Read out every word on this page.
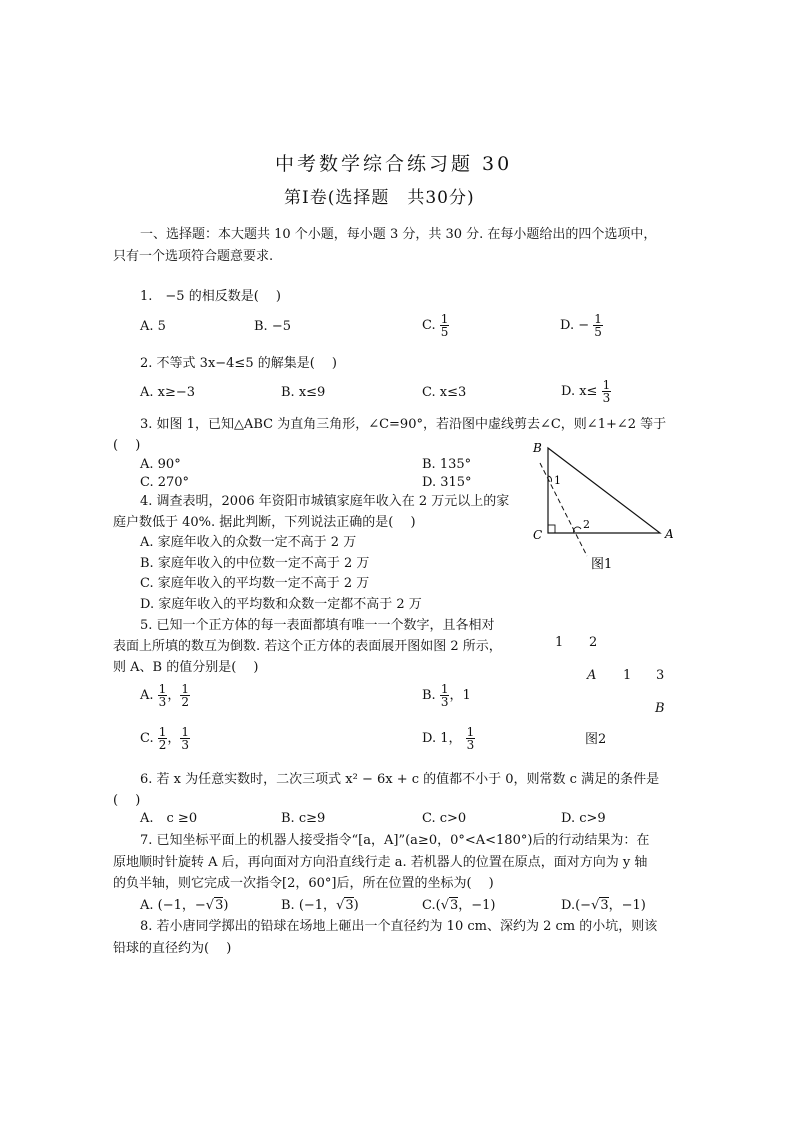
中考数学综合练习题 30
第Ⅰ卷(选择题　共30分)
一、选择题：本大题共 10 个小题，每小题 3 分，共 30 分. 在每小题给出的四个选项中，
只有一个选项符合题意要求.
1.　−5 的相反数是(　 )
A. 5	B. −5	C. $\frac{1}{5}$	D. − $\frac{1}{5}$
2. 不等式 3x−4≤5 的解集是(　 )
A. x≥−3	B. x≤9	C. x≤3	D. $x\le \frac{1}{3}$
3. 如图 1，已知△ABC 为直角三角形，∠C=90°，若沿图中虚线剪去∠C，则∠1+∠2 等于
(　 )
A. 90°	B. 135°
C. 270°	D. 315°
B
C	A
1
2
图1
4. 调查表明，2006 年资阳市城镇家庭年收入在 2 万元以上的家
庭户数低于 40%. 据此判断，下列说法正确的是(　 )
A. 家庭年收入的众数一定不高于 2 万
B. 家庭年收入的中位数一定不高于 2 万
C. 家庭年收入的平均数一定不高于 2 万
D. 家庭年收入的平均数和众数一定都不高于 2 万
5. 已知一个正方体的每一表面都填有唯一一个数字，且各相对
表面上所填的数互为倒数. 若这个正方体的表面展开图如图 2 所示，
则 A、B 的值分别是(　 )
A. $\frac{1}{3}$ ， $\frac{1}{2}$	B. $\frac{1}{3}$ ，1
C. $\frac{1}{2}$ ， $\frac{1}{3}$	D. 1， $\frac{1}{3}$
1 2
A 1 3
B
图2
6. 若 x 为任意实数时，二次三项式 x² − 6x + c 的值都不小于 0，则常数 c 满足的条件是
(　 )
A.　c ≥0	B. c≥9	C. c>0	D. c>9
7. 已知坐标平面上的机器人接受指令“[a，A]”(a≥0，0°<A<180°)后的行动结果为：在
原地顺时针旋转 A 后，再向面对方向沿直线行走 a. 若机器人的位置在原点，面对方向为 y 轴
的负半轴，则它完成一次指令[2，60°]后，所在位置的坐标为(　 )
A. (−1，−√3)	B. (−1，√3)	C.(√3，−1)	D.(−√3，−1)
8. 若小唐同学掷出的铅球在场地上砸出一个直径约为 10 cm、深约为 2 cm 的小坑，则该
铅球的直径约为(　 )
